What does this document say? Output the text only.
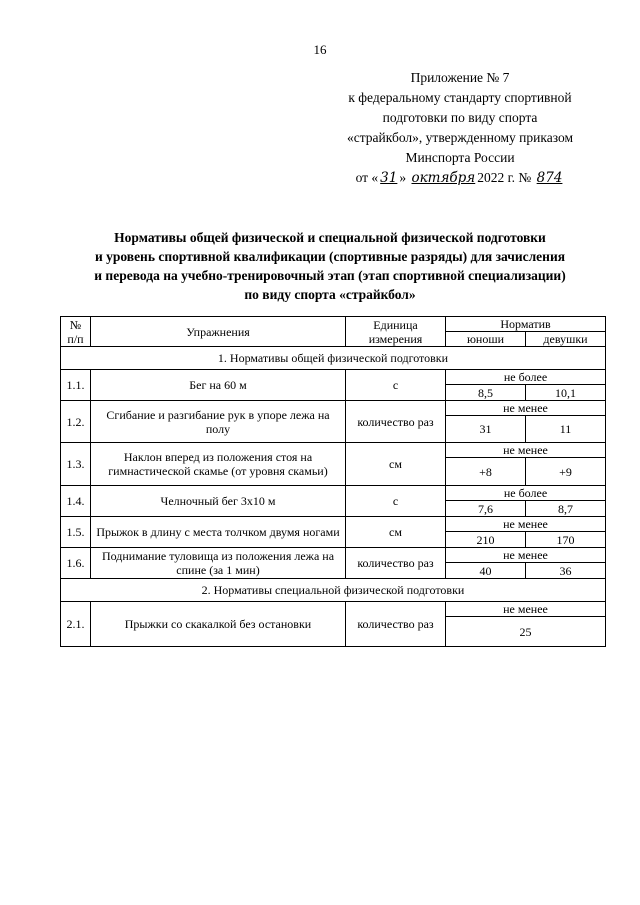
16
Приложение № 7
к федеральному стандарту спортивной
подготовки по виду спорта
«страйкбол», утвержденному приказом
Минспорта России
от « 31 » октября 2022 г. № 874
Нормативы общей физической и специальной физической подготовки
и уровень спортивной квалификации (спортивные разряды) для зачисления
и перевода на учебно-тренировочный этап (этап спортивной специализации)
по виду спорта «страйкбол»
№ п/п	Упражнения	Единица измерения	Норматив	
			юноши	девушки
1. Нормативы общей физической подготовки				
1.1.	Бег на 60 м	с	не более	
			8,5	10,1
1.2.	Сгибание и разгибание рук в упоре лежа на полу	количество раз	не менее	
			31	11
1.3.	Наклон вперед из положения стоя на гимнастической скамье (от уровня скамьи)	см	не менее	
			+8	+9
1.4.	Челночный бег 3х10 м	с	не более	
			7,6	8,7
1.5.	Прыжок в длину с места толчком двумя ногами	см	не менее	
			210	170
1.6.	Поднимание туловища из положения лежа на спине (за 1 мин)	количество раз	не менее	
			40	36
2. Нормативы специальной физической подготовки				
2.1.	Прыжки со скакалкой без остановки	количество раз	не менее	
			25	
